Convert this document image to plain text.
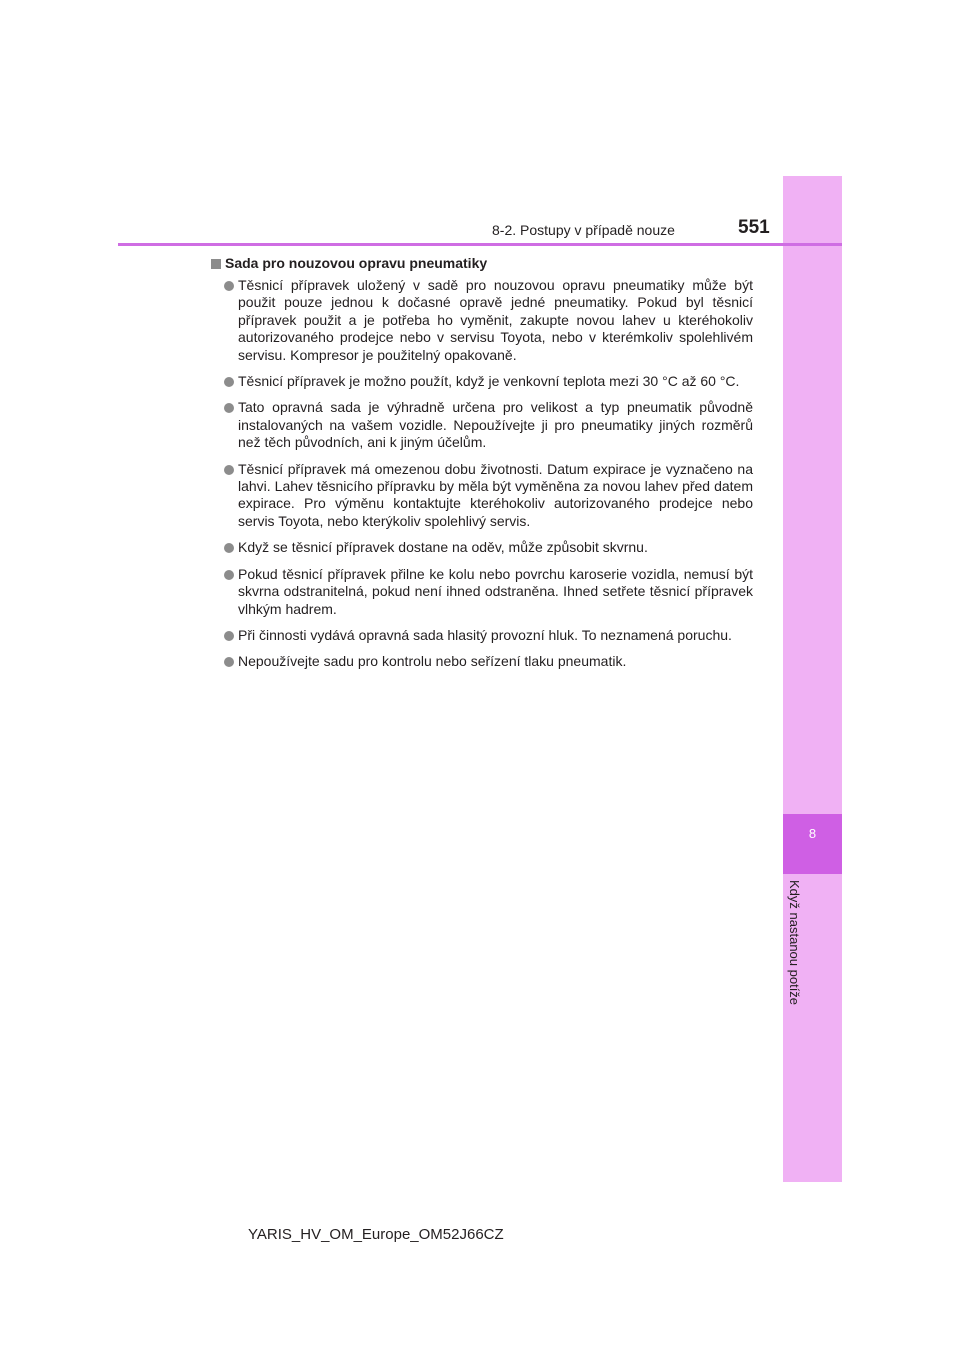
8
Když nastanou potíže
8-2. Postupy v případě nouze	551
Sada pro nouzovou opravu pneumatiky
Těsnicí přípravek uložený v sadě pro nouzovou opravu pneumatiky může být použit pouze jednou k dočasné opravě jedné pneumatiky. Pokud byl těsnicí přípravek použit a je potřeba ho vyměnit, zakupte novou lahev u kteréhokoliv autorizovaného prodejce nebo v servisu Toyota, nebo v kterémkoliv spolehlivém servisu. Kompresor je použitelný opakovaně.
Těsnicí přípravek je možno použít, když je venkovní teplota mezi 30 °C až 60 °C.
Tato opravná sada je výhradně určena pro velikost a typ pneumatik původně instalovaných na vašem vozidle. Nepoužívejte ji pro pneumatiky jiných rozměrů než těch původních, ani k jiným účelům.
Těsnicí přípravek má omezenou dobu životnosti. Datum expirace je vyznačeno na lahvi. Lahev těsnicího přípravku by měla být vyměněna za novou lahev před datem expirace. Pro výměnu kontaktujte kteréhokoliv autorizovaného prodejce nebo servis Toyota, nebo kterýkoliv spolehlivý servis.
Když se těsnicí přípravek dostane na oděv, může způsobit skvrnu.
Pokud těsnicí přípravek přilne ke kolu nebo povrchu karoserie vozidla, nemusí být skvrna odstranitelná, pokud není ihned odstraněna. Ihned setřete těsnicí přípravek vlhkým hadrem.
Při činnosti vydává opravná sada hlasitý provozní hluk. To neznamená poruchu.
Nepoužívejte sadu pro kontrolu nebo seřízení tlaku pneumatik.
YARIS_HV_OM_Europe_OM52J66CZ
